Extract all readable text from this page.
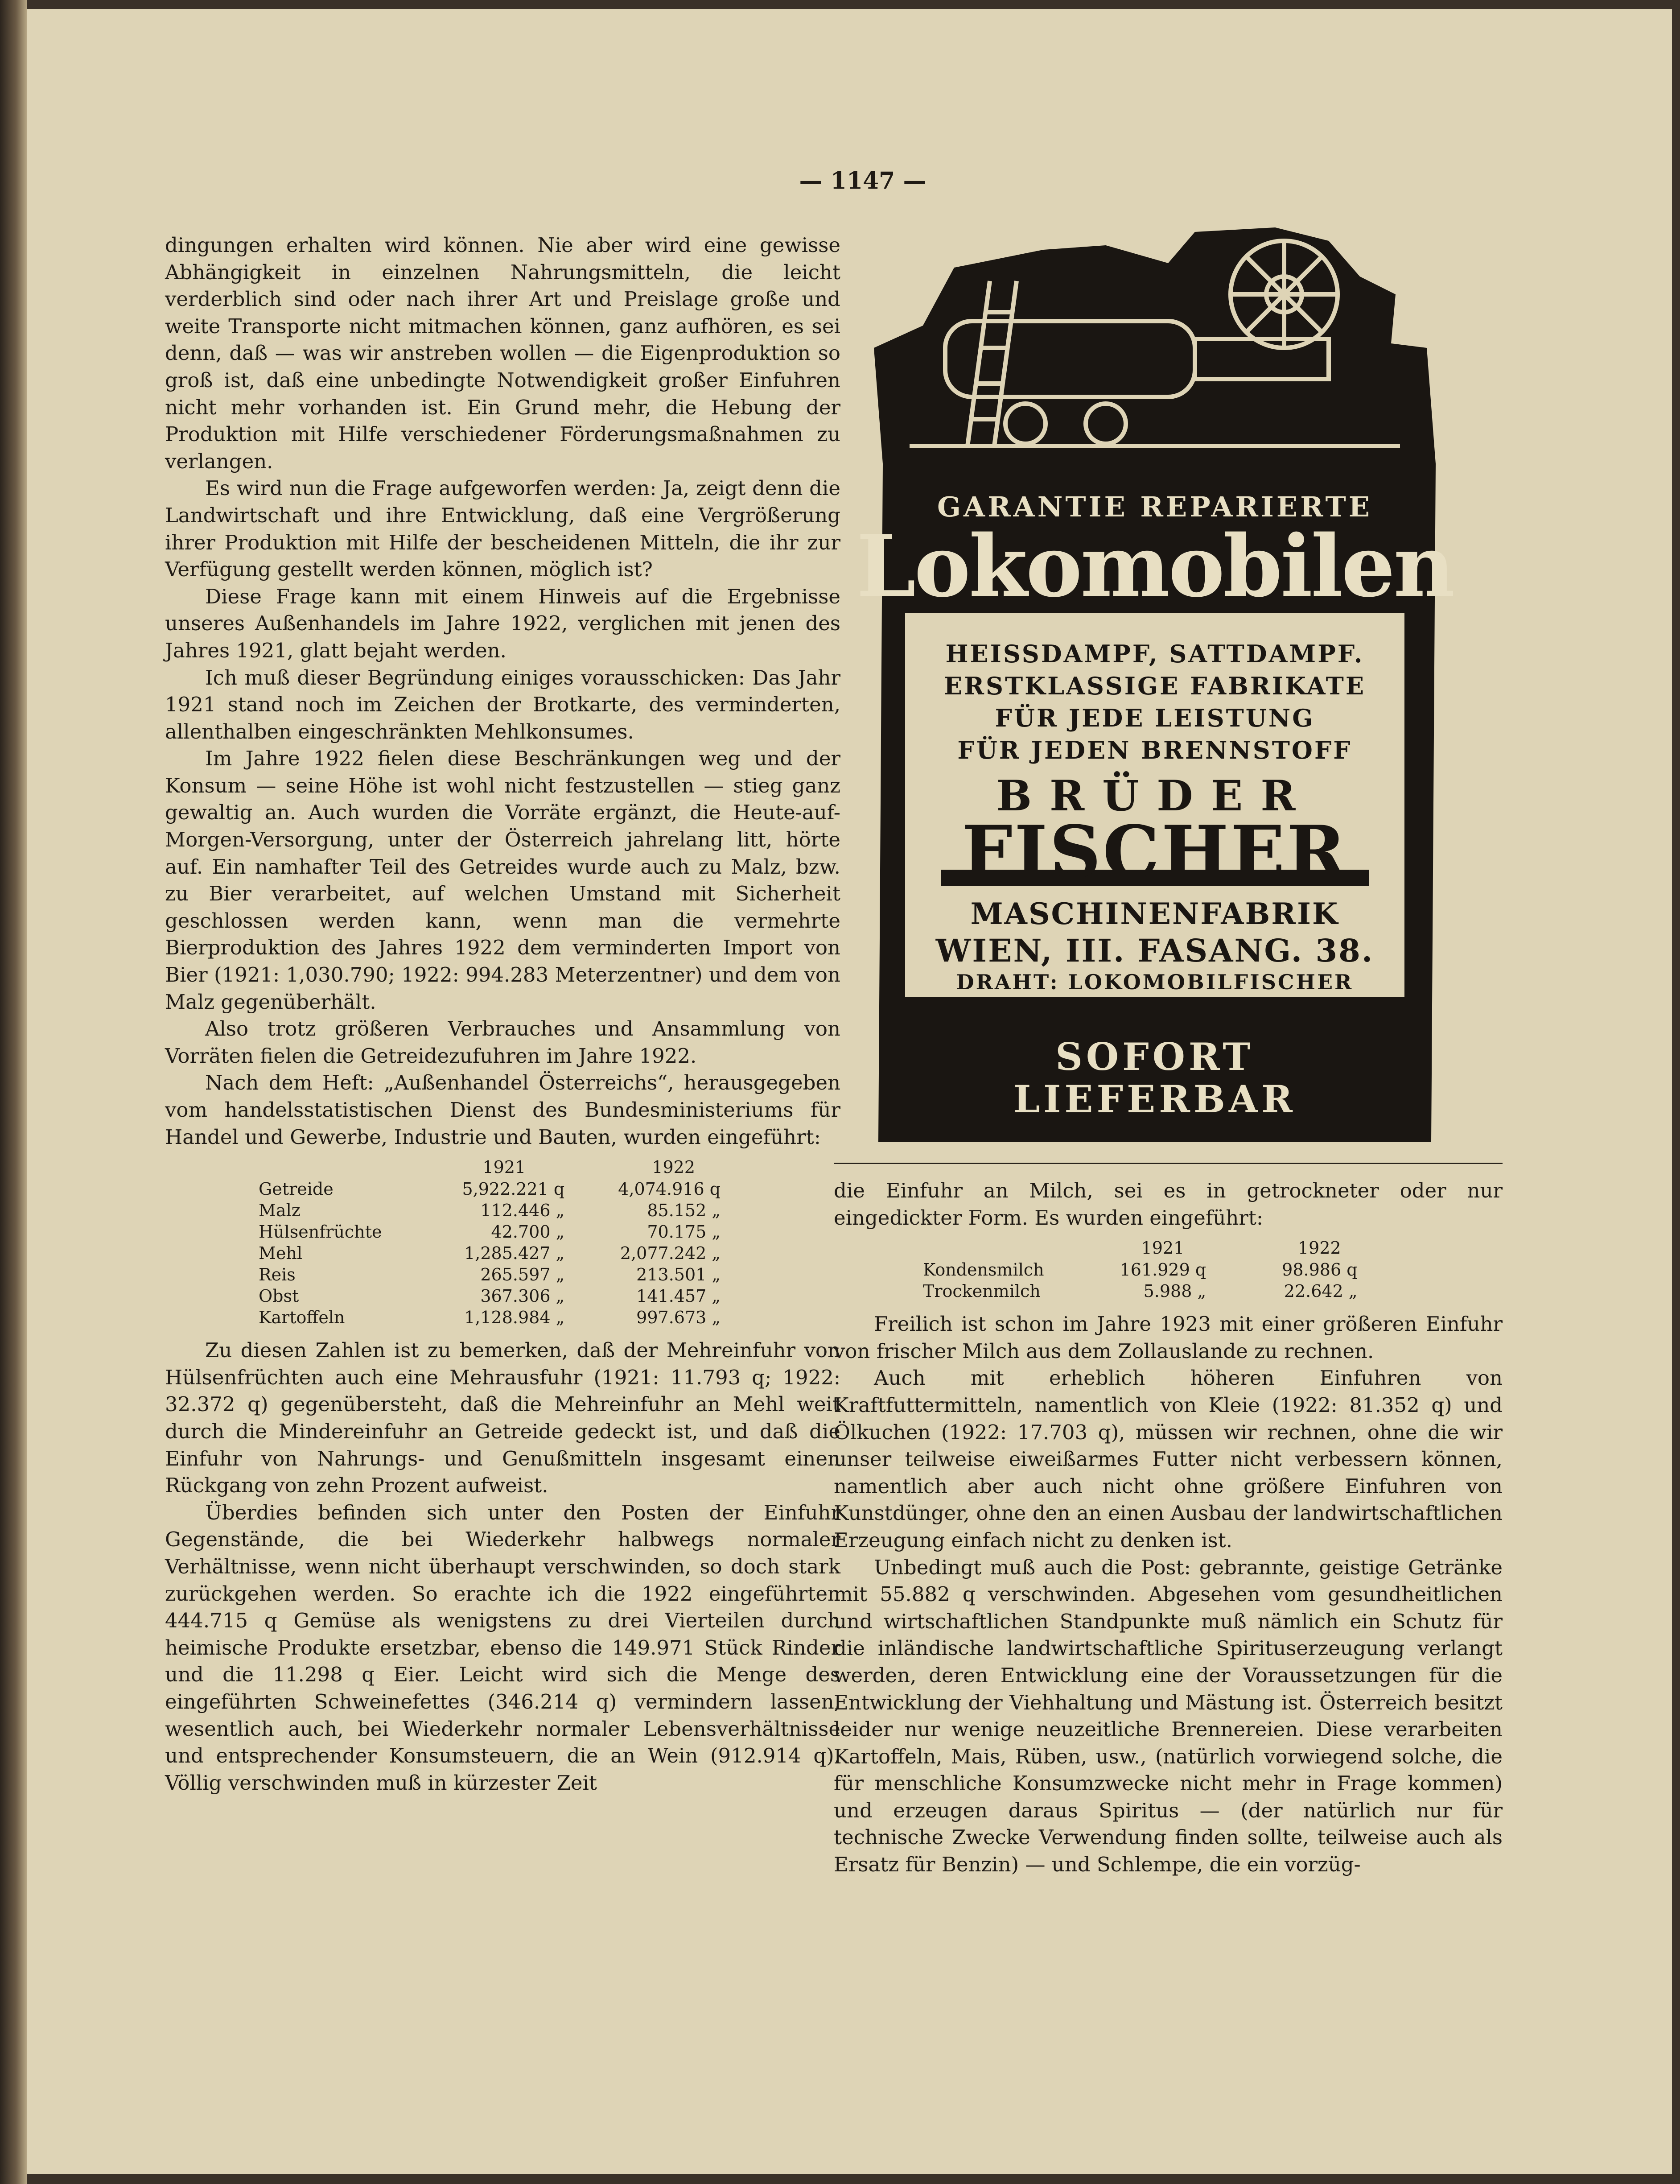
— 1147 —

dingungen erhalten wird können. Nie aber wird eine gewisse Abhängigkeit in einzelnen Nahrungsmitteln, die leicht verderblich sind oder nach ihrer Art und Preislage große und weite Transporte nicht mitmachen können, ganz aufhören, es sei denn, daß — was wir anstreben wollen — die Eigenproduktion so groß ist, daß eine unbedingte Notwendigkeit großer Einfuhren nicht mehr vorhanden ist. Ein Grund mehr, die Hebung der Produktion mit Hilfe verschiedener Förderungsmaßnahmen zu verlangen.

Es wird nun die Frage aufgeworfen werden: Ja, zeigt denn die Landwirtschaft und ihre Entwicklung, daß eine Vergrößerung ihrer Produktion mit Hilfe der bescheidenen Mitteln, die ihr zur Verfügung gestellt werden können, möglich ist?

Diese Frage kann mit einem Hinweis auf die Ergebnisse unseres Außenhandels im Jahre 1922, verglichen mit jenen des Jahres 1921, glatt bejaht werden.

Ich muß dieser Begründung einiges vorausschicken: Das Jahr 1921 stand noch im Zeichen der Brotkarte, des verminderten, allenthalben eingeschränkten Mehlkonsumes.

Im Jahre 1922 fielen diese Beschränkungen weg und der Konsum — seine Höhe ist wohl nicht festzustellen — stieg ganz gewaltig an. Auch wurden die Vorräte ergänzt, die Heute-auf-Morgen-Versorgung, unter der Österreich jahrelang litt, hörte auf. Ein namhafter Teil des Getreides wurde auch zu Malz, bzw. zu Bier verarbeitet, auf welchen Umstand mit Sicherheit geschlossen werden kann, wenn man die vermehrte Bierproduktion des Jahres 1922 dem verminderten Import von Bier (1921: 1,030.790; 1922: 994.283 Meterzentner) und dem von Malz gegenüberhält.

Also trotz größeren Verbrauches und Ansammlung von Vorräten fielen die Getreidezufuhren im Jahre 1922.

Nach dem Heft: „Außenhandel Österreichs“, herausgegeben vom handelsstatistischen Dienst des Bundesministeriums für Handel und Gewerbe, Industrie und Bauten, wurden eingeführt:

	1921	1922
Getreide	5,922.221 q	4,074.916 q
Malz	112.446 „	85.152 „
Hülsenfrüchte	42.700 „	70.175 „
Mehl	1,285.427 „	2,077.242 „
Reis	265.597 „	213.501 „
Obst	367.306 „	141.457 „
Kartoffeln	1,128.984 „	997.673 „

Zu diesen Zahlen ist zu bemerken, daß der Mehreinfuhr von Hülsenfrüchten auch eine Mehrausfuhr (1921: 11.793 q; 1922: 32.372 q) gegenübersteht, daß die Mehreinfuhr an Mehl weit durch die Mindereinfuhr an Getreide gedeckt ist, und daß die Einfuhr von Nahrungs- und Genußmitteln insgesamt einen Rückgang von zehn Prozent aufweist.

Überdies befinden sich unter den Posten der Einfuhr Gegenstände, die bei Wiederkehr halbwegs normaler Verhältnisse, wenn nicht überhaupt verschwinden, so doch stark zurückgehen werden. So erachte ich die 1922 eingeführten 444.715 q Gemüse als wenigstens zu drei Vierteilen durch heimische Produkte ersetzbar, ebenso die 149.971 Stück Rinder und die 11.298 q Eier. Leicht wird sich die Menge des eingeführten Schweinefettes (346.214 q) vermindern lassen, wesentlich auch, bei Wiederkehr normaler Lebensverhältnisse und entsprechender Konsumsteuern, die an Wein (912.914 q). Völlig verschwinden muß in kürzester Zeit

GARANTIE REPARIERTE
Lokomobilen
HEISSDAMPF, SATTDAMPF.
ERSTKLASSIGE FABRIKATE
FÜR JEDE LEISTUNG
FÜR JEDEN BRENNSTOFF
BRÜDER
FISCHER
MASCHINENFABRIK
WIEN, III. FASANG. 38.
DRAHT: LOKOMOBILFISCHER
SOFORT
LIEFERBAR

die Einfuhr an Milch, sei es in getrockneter oder nur eingedickter Form. Es wurden eingeführt:

	1921	1922
Kondensmilch	161.929 q	98.986 q
Trockenmilch	5.988 „	22.642 „

Freilich ist schon im Jahre 1923 mit einer größeren Einfuhr von frischer Milch aus dem Zollauslande zu rechnen.

Auch mit erheblich höheren Einfuhren von Kraftfuttermitteln, namentlich von Kleie (1922: 81.352 q) und Ölkuchen (1922: 17.703 q), müssen wir rechnen, ohne die wir unser teilweise eiweißarmes Futter nicht verbessern können, namentlich aber auch nicht ohne größere Einfuhren von Kunstdünger, ohne den an einen Ausbau der landwirtschaftlichen Erzeugung einfach nicht zu denken ist.

Unbedingt muß auch die Post: gebrannte, geistige Getränke mit 55.882 q verschwinden. Abgesehen vom gesundheitlichen und wirtschaftlichen Standpunkte muß nämlich ein Schutz für die inländische landwirtschaftliche Spirituserzeugung verlangt werden, deren Entwicklung eine der Voraussetzungen für die Entwicklung der Viehhaltung und Mästung ist. Österreich besitzt leider nur wenige neuzeitliche Brennereien. Diese verarbeiten Kartoffeln, Mais, Rüben, usw., (natürlich vorwiegend solche, die für menschliche Konsumzwecke nicht mehr in Frage kommen) und erzeugen daraus Spiritus — (der natürlich nur für technische Zwecke Verwendung finden sollte, teilweise auch als Ersatz für Benzin) — und Schlempe, die ein vorzüg-
